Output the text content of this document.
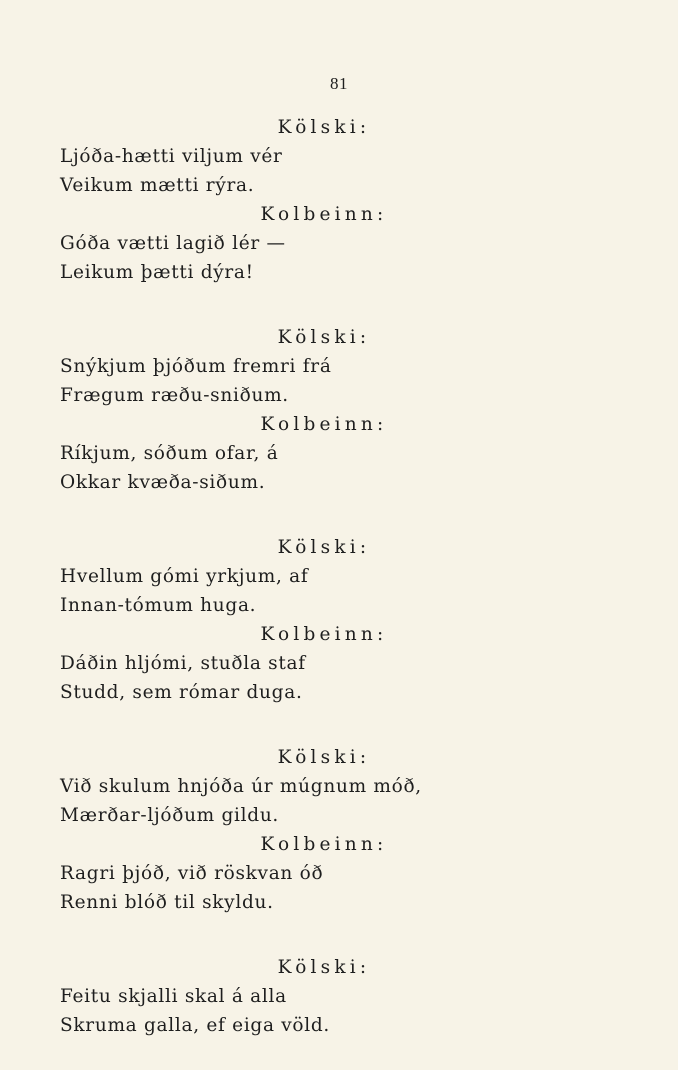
81
Kölski:
Ljóða-hætti viljum vér
Veikum mætti rýra.
Kolbeinn:
Góða vætti lagið lér —
Leikum þætti dýra!
Kölski:
Snýkjum þjóðum fremri frá
Frægum ræðu-sniðum.
Kolbeinn:
Ríkjum, sóðum ofar, á
Okkar kvæða-siðum.
Kölski:
Hvellum gómi yrkjum, af
Innan-tómum huga.
Kolbeinn:
Dáðin hljómi, stuðla staf
Studd, sem rómar duga.
Kölski:
Við skulum hnjóða úr múgnum móð,
Mærðar-ljóðum gildu.
Kolbeinn:
Ragri þjóð, við röskvan óð
Renni blóð til skyldu.
Kölski:
Feitu skjalli skal á alla
Skruma galla, ef eiga völd.
